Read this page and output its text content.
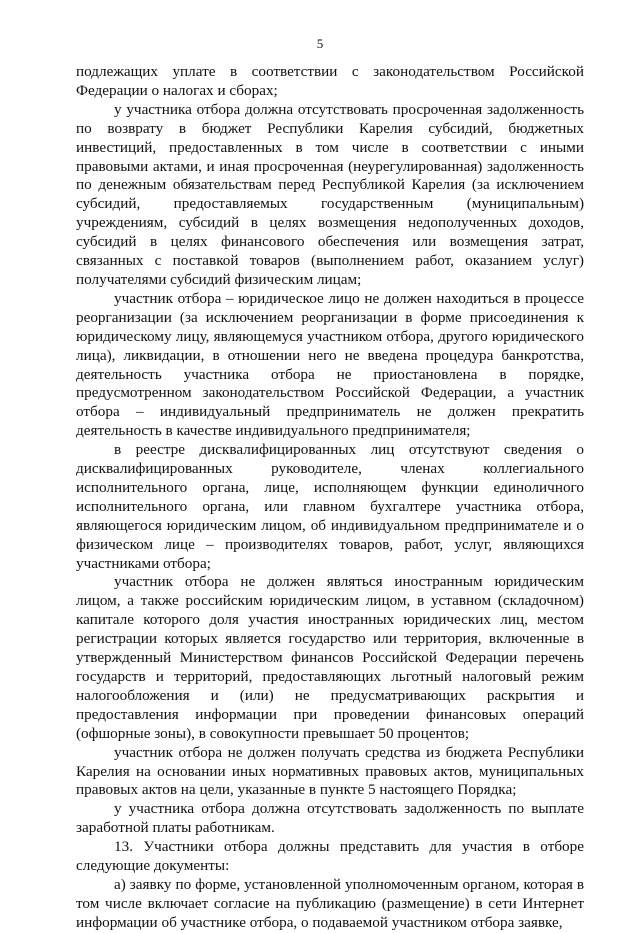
5

подлежащих уплате в соответствии с законодательством Российской Федерации о налогах и сборах;

у участника отбора должна отсутствовать просроченная задолженность по возврату в бюджет Республики Карелия субсидий, бюджетных инвестиций, предоставленных в том числе в соответствии с иными правовыми актами, и иная просроченная (неурегулированная) задолженность по денежным обязательствам перед Республикой Карелия (за исключением субсидий, предоставляемых государственным (муниципальным) учреждениям, субсидий в целях возмещения недополученных доходов, субсидий в целях финансового обеспечения или возмещения затрат, связанных с поставкой товаров (выполнением работ, оказанием услуг) получателями субсидий физическим лицам;

участник отбора – юридическое лицо не должен находиться в процессе реорганизации (за исключением реорганизации в форме присоединения к юридическому лицу, являющемуся участником отбора, другого юридического лица), ликвидации, в отношении него не введена процедура банкротства, деятельность участника отбора не приостановлена в порядке, предусмотренном законодательством Российской Федерации, а участник отбора – индивидуальный предприниматель не должен прекратить деятельность в качестве индивидуального предпринимателя;

в реестре дисквалифицированных лиц отсутствуют сведения о дисквалифицированных руководителе, членах коллегиального исполнительного органа, лице, исполняющем функции единоличного исполнительного органа, или главном бухгалтере участника отбора, являющегося юридическим лицом, об индивидуальном предпринимателе и о физическом лице – производителях товаров, работ, услуг, являющихся участниками отбора;

участник отбора не должен являться иностранным юридическим лицом, а также российским юридическим лицом, в уставном (складочном) капитале которого доля участия иностранных юридических лиц, местом регистрации которых является государство или территория, включенные в утвержденный Министерством финансов Российской Федерации перечень государств и территорий, предоставляющих льготный налоговый режим налогообложения и (или) не предусматривающих раскрытия и предоставления информации при проведении финансовых операций (офшорные зоны), в совокупности превышает 50 процентов;

участник отбора не должен получать средства из бюджета Республики Карелия на основании иных нормативных правовых актов, муниципальных правовых актов на цели, указанные в пункте 5 настоящего Порядка;

у участника отбора должна отсутствовать задолженность по выплате заработной платы работникам.

13. Участники отбора должны представить для участия в отборе следующие документы:

а) заявку по форме, установленной уполномоченным органом, которая в том числе включает согласие на публикацию (размещение) в сети Интернет информации об участнике отбора, о подаваемой участником отбора заявке,
